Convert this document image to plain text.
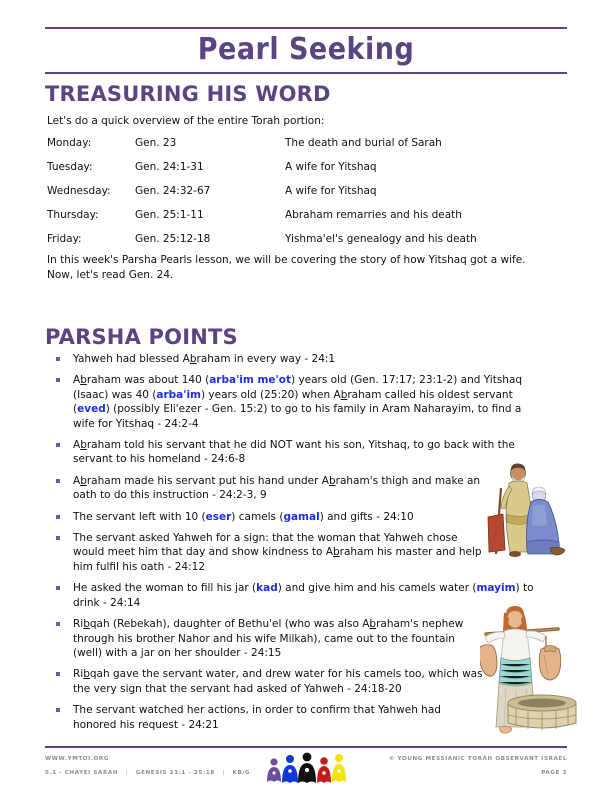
Pearl Seeking
TREASURING HIS WORD
Let's do a quick overview of the entire Torah portion:
Monday:	Gen. 23	The death and burial of Sarah
Tuesday:	Gen. 24:1-31	A wife for Yitshaq
Wednesday:	Gen. 24:32-67	A wife for Yitshaq
Thursday:	Gen. 25:1-11	Abraham remarries and his death
Friday:	Gen. 25:12-18	Yishma'el's genealogy and his death
In this week's Parsha Pearls lesson, we will be covering the story of how Yitshaq got a wife. Now, let's read Gen. 24.
PARSHA POINTS
Yahweh had blessed Abraham in every way - 24:1
Abraham was about 140 (arba'im me'ot) years old (Gen. 17:17; 23:1-2) and Yitshaq (Isaac) was 40 (arba'im) years old (25:20) when Abraham called his oldest servant (eved) (possibly Eli'ezer - Gen. 15:2) to go to his family in Aram Naharayim, to find a wife for Yitshaq - 24:2-4
Abraham told his servant that he did NOT want his son, Yitshaq, to go back with the servant to his homeland - 24:6-8
Abraham made his servant put his hand under Abraham's thigh and make an oath to do this instruction - 24:2-3, 9
The servant left with 10 (eser) camels (gamal) and gifts - 24:10
The servant asked Yahweh for a sign: that the woman that Yahweh chose would meet him that day and show kindness to Abraham his master and help him fulfil his oath - 24:12
He asked the woman to fill his jar (kad) and give him and his camels water (mayim) to drink - 24:14
Ribqah (Rebekah), daughter of Bethu'el (who was also Abraham's nephew through his brother Nahor and his wife Milkah), came out to the fountain (well) with a jar on her shoulder - 24:15
Ribqah gave the servant water, and drew water for his camels too, which was the very sign that the servant had asked of Yahweh - 24:18-20
The servant watched her actions, in order to confirm that Yahweh had honored his request - 24:21
WWW.YMTOI.ORG
5.1 - CHAYEI SARAH | GENESIS 23:1 - 25:18 | KB/G
© YOUNG MESSIANIC TORAH OBSERVANT ISRAEL
PAGE 3
